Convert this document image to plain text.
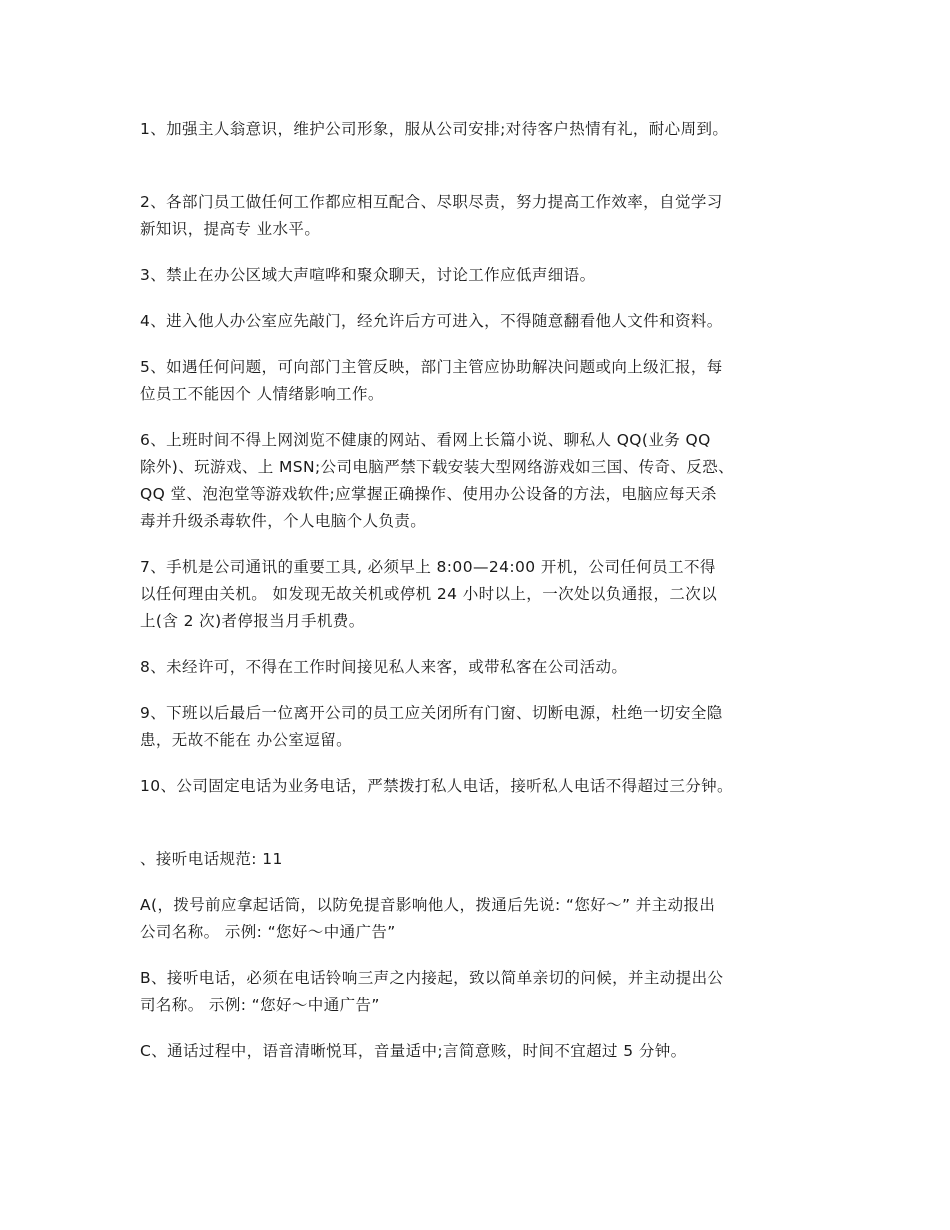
1、加强主人翁意识，维护公司形象，服从公司安排;对待客户热情有礼，耐心周到。

2、各部门员工做任何工作都应相互配合、尽职尽责，努力提高工作效率，自觉学习
新知识，提高专 业水平。

3、禁止在办公区域大声喧哗和聚众聊天，讨论工作应低声细语。

4、进入他人办公室应先敲门，经允许后方可进入，不得随意翻看他人文件和资料。

5、如遇任何问题，可向部门主管反映，部门主管应协助解决问题或向上级汇报，每
位员工不能因个 人情绪影响工作。

6、上班时间不得上网浏览不健康的网站、看网上长篇小说、聊私人 QQ(业务 QQ
除外)、玩游戏、上 MSN;公司电脑严禁下载安装大型网络游戏如三国、传奇、反恐、
QQ 堂、泡泡堂等游戏软件;应掌握正确操作、使用办公设备的方法，电脑应每天杀
毒并升级杀毒软件，个人电脑个人负责。

7、手机是公司通讯的重要工具, 必须早上 8:00—24:00 开机，公司任何员工不得
以任何理由关机。 如发现无故关机或停机 24 小时以上，一次处以负通报，二次以
上(含 2 次)者停报当月手机费。

8、未经许可，不得在工作时间接见私人来客，或带私客在公司活动。

9、下班以后最后一位离开公司的员工应关闭所有门窗、切断电源，杜绝一切安全隐
患，无故不能在 办公室逗留。

10、公司固定电话为业务电话，严禁拨打私人电话，接听私人电话不得超过三分钟。

、接听电话规范: 11

A(，拨号前应拿起话筒，以防免提音影响他人，拨通后先说: “您好～” 并主动报出
公司名称。 示例: “您好～中通广告”

B、接听电话，必须在电话铃响三声之内接起，致以简单亲切的问候，并主动提出公
司名称。 示例: “您好～中通广告”

C、通话过程中，语音清晰悦耳，音量适中;言简意赅，时间不宜超过 5 分钟。
